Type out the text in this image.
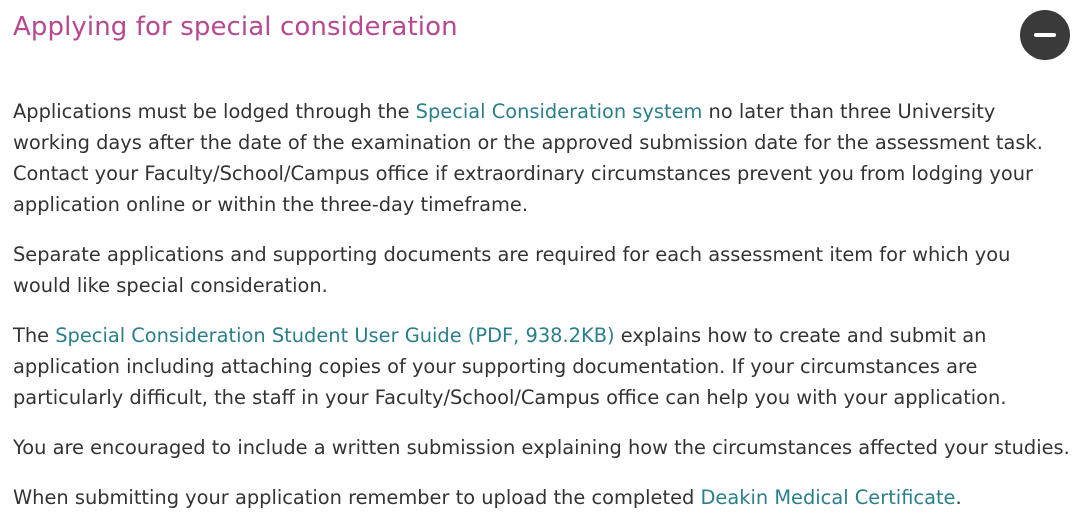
Applying for special consideration

Applications must be lodged through the Special Consideration system no later than three University working days after the date of the examination or the approved submission date for the assessment task. Contact your Faculty/School/Campus office if extraordinary circumstances prevent you from lodging your application online or within the three-day timeframe.

Separate applications and supporting documents are required for each assessment item for which you would like special consideration.

The Special Consideration Student User Guide (PDF, 938.2KB) explains how to create and submit an application including attaching copies of your supporting documentation. If your circumstances are particularly difficult, the staff in your Faculty/School/Campus office can help you with your application.

You are encouraged to include a written submission explaining how the circumstances affected your studies.

When submitting your application remember to upload the completed Deakin Medical Certificate.
